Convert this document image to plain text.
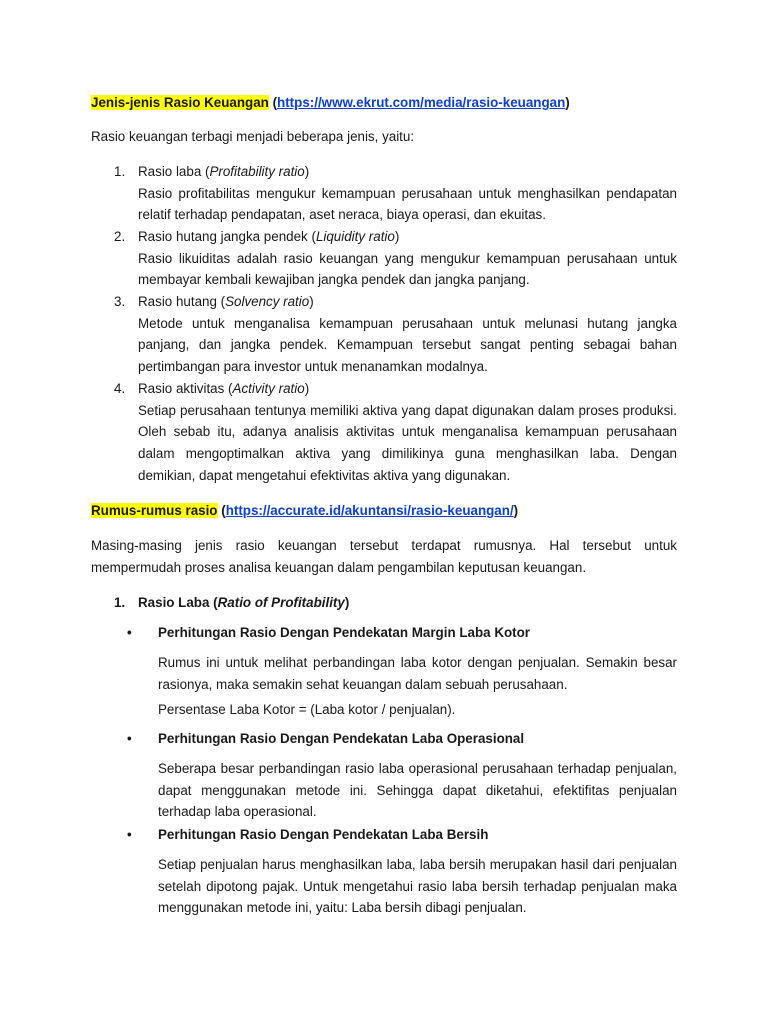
Jenis-jenis Rasio Keuangan (https://www.ekrut.com/media/rasio-keuangan)
Rasio keuangan terbagi menjadi beberapa jenis, yaitu:
1. Rasio laba (Profitability ratio)
Rasio profitabilitas mengukur kemampuan perusahaan untuk menghasilkan pendapatan relatif terhadap pendapatan, aset neraca, biaya operasi, dan ekuitas.
2. Rasio hutang jangka pendek (Liquidity ratio)
Rasio likuiditas adalah rasio keuangan yang mengukur kemampuan perusahaan untuk membayar kembali kewajiban jangka pendek dan jangka panjang.
3. Rasio hutang (Solvency ratio)
Metode untuk menganalisa kemampuan perusahaan untuk melunasi hutang jangka panjang, dan jangka pendek. Kemampuan tersebut sangat penting sebagai bahan pertimbangan para investor untuk menanamkan modalnya.
4. Rasio aktivitas (Activity ratio)
Setiap perusahaan tentunya memiliki aktiva yang dapat digunakan dalam proses produksi. Oleh sebab itu, adanya analisis aktivitas untuk menganalisa kemampuan perusahaan dalam mengoptimalkan aktiva yang dimilikinya guna menghasilkan laba. Dengan demikian, dapat mengetahui efektivitas aktiva yang digunakan.
Rumus-rumus rasio (https://accurate.id/akuntansi/rasio-keuangan/)
Masing-masing jenis rasio keuangan tersebut terdapat rumusnya. Hal tersebut untuk mempermudah proses analisa keuangan dalam pengambilan keputusan keuangan.
1. Rasio Laba (Ratio of Profitability)
• Perhitungan Rasio Dengan Pendekatan Margin Laba Kotor
Rumus ini untuk melihat perbandingan laba kotor dengan penjualan. Semakin besar rasionya, maka semakin sehat keuangan dalam sebuah perusahaan.
Persentase Laba Kotor = (Laba kotor / penjualan).
• Perhitungan Rasio Dengan Pendekatan Laba Operasional
Seberapa besar perbandingan rasio laba operasional perusahaan terhadap penjualan, dapat menggunakan metode ini. Sehingga dapat diketahui, efektifitas penjualan terhadap laba operasional.
• Perhitungan Rasio Dengan Pendekatan Laba Bersih
Setiap penjualan harus menghasilkan laba, laba bersih merupakan hasil dari penjualan setelah dipotong pajak. Untuk mengetahui rasio laba bersih terhadap penjualan maka menggunakan metode ini, yaitu: Laba bersih dibagi penjualan.
